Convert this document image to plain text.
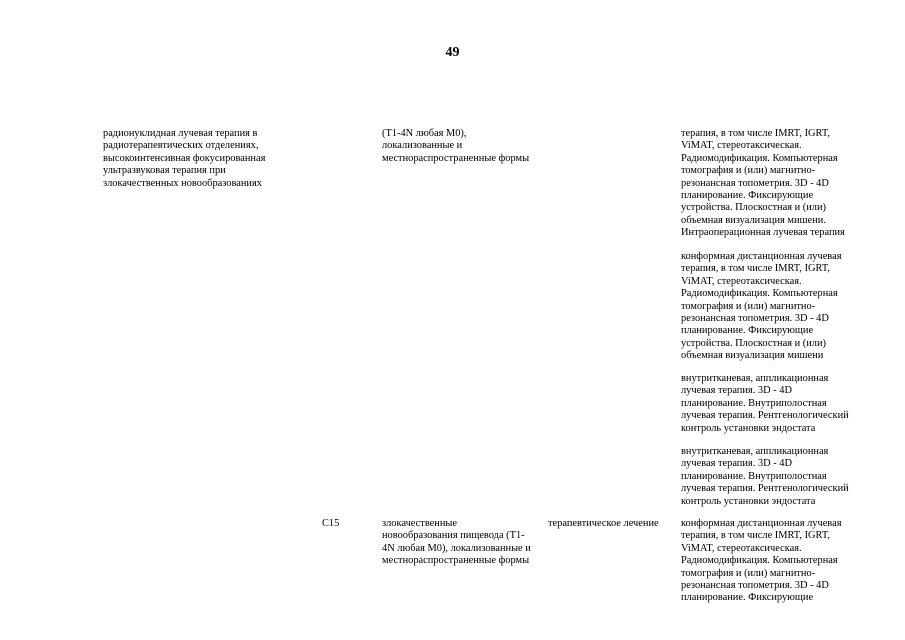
49
радионуклидная лучевая терапия в
радиотерапевтических отделениях,
высокоинтенсивная фокусированная
ультразвуковая терапия при
злокачественных новообразованиях
(T1-4N любая M0),
локализованные и
местнораспространенные формы
терапия, в том числе IMRT, IGRT,
ViMAT, стереотаксическая.
Радиомодификация. Компьютерная
томография и (или) магнитно-
резонансная топометрия. 3D - 4D
планирование. Фиксирующие
устройства. Плоскостная и (или)
объемная визуализация мишени.
Интраоперационная лучевая терапия
конформная дистанционная лучевая
терапия, в том числе IMRT, IGRT,
ViMAT, стереотаксическая.
Радиомодификация. Компьютерная
томография и (или) магнитно-
резонансная топометрия. 3D - 4D
планирование. Фиксирующие
устройства. Плоскостная и (или)
объемная визуализация мишени
внутритканевая, аппликационная
лучевая терапия. 3D - 4D
планирование. Внутриполостная
лучевая терапия. Рентгенологический
контроль установки эндостата
внутритканевая, аппликационная
лучевая терапия. 3D - 4D
планирование. Внутриполостная
лучевая терапия. Рентгенологический
контроль установки эндостата
C15	злокачественные
новообразования пищевода (T1-
4N любая M0), локализованные и
местнораспространенные формы
терапевтическое лечение	конформная дистанционная лучевая
терапия, в том числе IMRT, IGRT,
ViMAT, стереотаксическая.
Радиомодификация. Компьютерная
томография и (или) магнитно-
резонансная топометрия. 3D - 4D
планирование. Фиксирующие
